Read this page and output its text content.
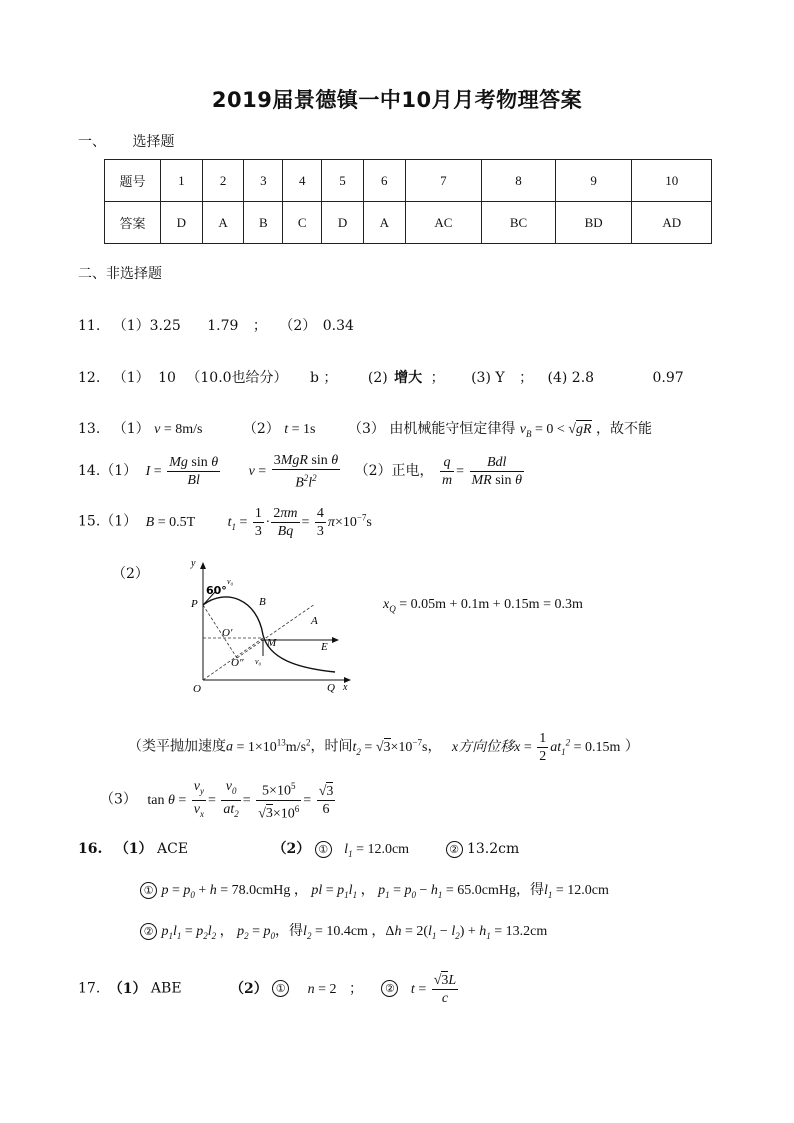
2019届景德镇一中10月月考物理答案
一、 选择题
题号	1	2	3	4	5	6	7	8	9	10
答案	D	A	B	C	D	A	AC	BC	BD	AD
二、非选择题
11. （1）3.25 1.79 ； （2） 0.34
12. （1） 10 （10.0也给分） b ； (2) 增大 ； (3) Y ； (4) 2.8	0.97
13. （1） v = 8m/s	（2） t = 1s （3） 由机械能守恒定律得 $v_B = 0 < √gR$ ，故不能
14.（1） $I = \frac{\text{Mg sin θ}}{Bl}$ $v = \frac{\text{3MgR sin θ}}{B^2l^2} (2)$正电， $\frac{q}{m} = \frac{\text{Bdl}}{\text{MR sin θ}}$
15.（1） B = 0.5T $t_1 = \frac{1}{3} \cdot \frac{2\pi m}{Bq} = \frac{4}{3} \pi\times 10^{-7}s$
（2）
60°
v₀
y
P	B
A
O′
M	E
O″ v₀
O	Q x
$x_Q = 0.05m + 0.1m + 0.15m = 0.3m$
（类平抛加速度$a = 1\times 10^{13}m/s^2$，时间$t_2 = √3\times 10^{-7}s$， x方向位移$x = \frac{1}{2} at_1^2 = 0.15m$ ）
（3） $\tan \theta = \frac{v_y}{v_x} = \frac{v_0}{at_2} = \frac{5\times 10^5}{√3\times 10^6} = \frac{√3}{6}$
16. （1） ACE	（2） ① $l_1 = 12.0cm$	② 13.2cm
① $p = p_0 + h$ = 78.0cmHg ， pl = $p_1l_1$ ， $p_1 = p_0 - h_1$ = 65.0cmHg，得$l_1 = 12.0cm$
② $p_1l_1 = p_2l_2$ ， $p_2 = p_0$，得$l_2 = 10.4cm$ ，$\Delta h = 2(l_1 - l_2) + h_1 = 13.2cm$
17. （1） ABE	（2） ① n = 2 ； ② $t = \frac{√3L}{c}$
